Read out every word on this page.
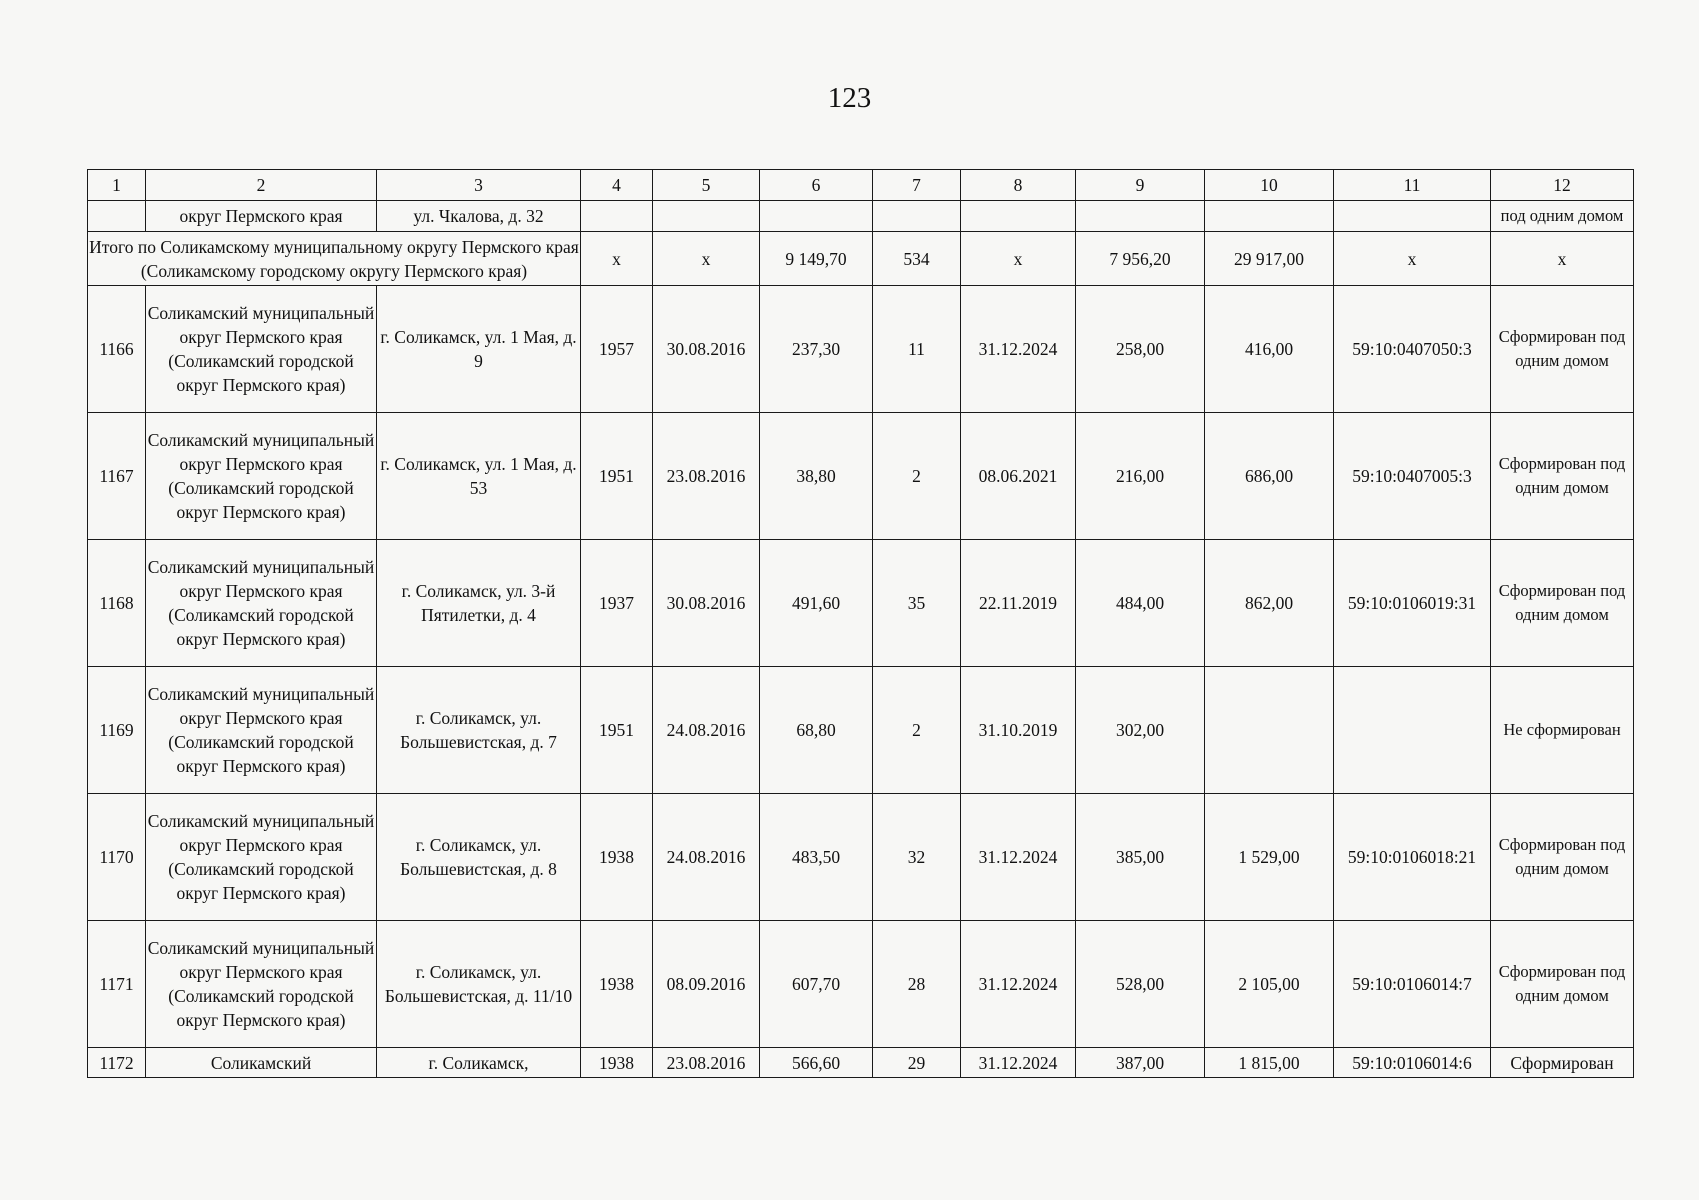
123
1	2	3	4	5	6	7	8	9	10	11	12
	округ Пермского края	ул. Чкалова, д. 32									под одним домом
Итого по Соликамскому муниципальному округу Пермского края (Соликамскому городскому округу Пермского края)			х	х	9 149,70	534	х	7 956,20	29 917,00	х	х
1166	Соликамский муниципальный округ Пермского края (Соликамский городской округ Пермского края)	г. Соликамск, ул. 1 Мая, д. 9	1957	30.08.2016	237,30	11	31.12.2024	258,00	416,00	59:10:0407050:3	Сформирован под одним домом
1167	Соликамский муниципальный округ Пермского края (Соликамский городской округ Пермского края)	г. Соликамск, ул. 1 Мая, д. 53	1951	23.08.2016	38,80	2	08.06.2021	216,00	686,00	59:10:0407005:3	Сформирован под одним домом
1168	Соликамский муниципальный округ Пермского края (Соликамский городской округ Пермского края)	г. Соликамск, ул. 3-й Пятилетки, д. 4	1937	30.08.2016	491,60	35	22.11.2019	484,00	862,00	59:10:0106019:31	Сформирован под одним домом
1169	Соликамский муниципальный округ Пермского края (Соликамский городской округ Пермского края)	г. Соликамск, ул. Большевистская, д. 7	1951	24.08.2016	68,80	2	31.10.2019	302,00			Не сформирован
1170	Соликамский муниципальный округ Пермского края (Соликамский городской округ Пермского края)	г. Соликамск, ул. Большевистская, д. 8	1938	24.08.2016	483,50	32	31.12.2024	385,00	1 529,00	59:10:0106018:21	Сформирован под одним домом
1171	Соликамский муниципальный округ Пермского края (Соликамский городской округ Пермского края)	г. Соликамск, ул. Большевистская, д. 11/10	1938	08.09.2016	607,70	28	31.12.2024	528,00	2 105,00	59:10:0106014:7	Сформирован под одним домом
1172	Соликамский	г. Соликамск,	1938	23.08.2016	566,60	29	31.12.2024	387,00	1 815,00	59:10:0106014:6	Сформирован
